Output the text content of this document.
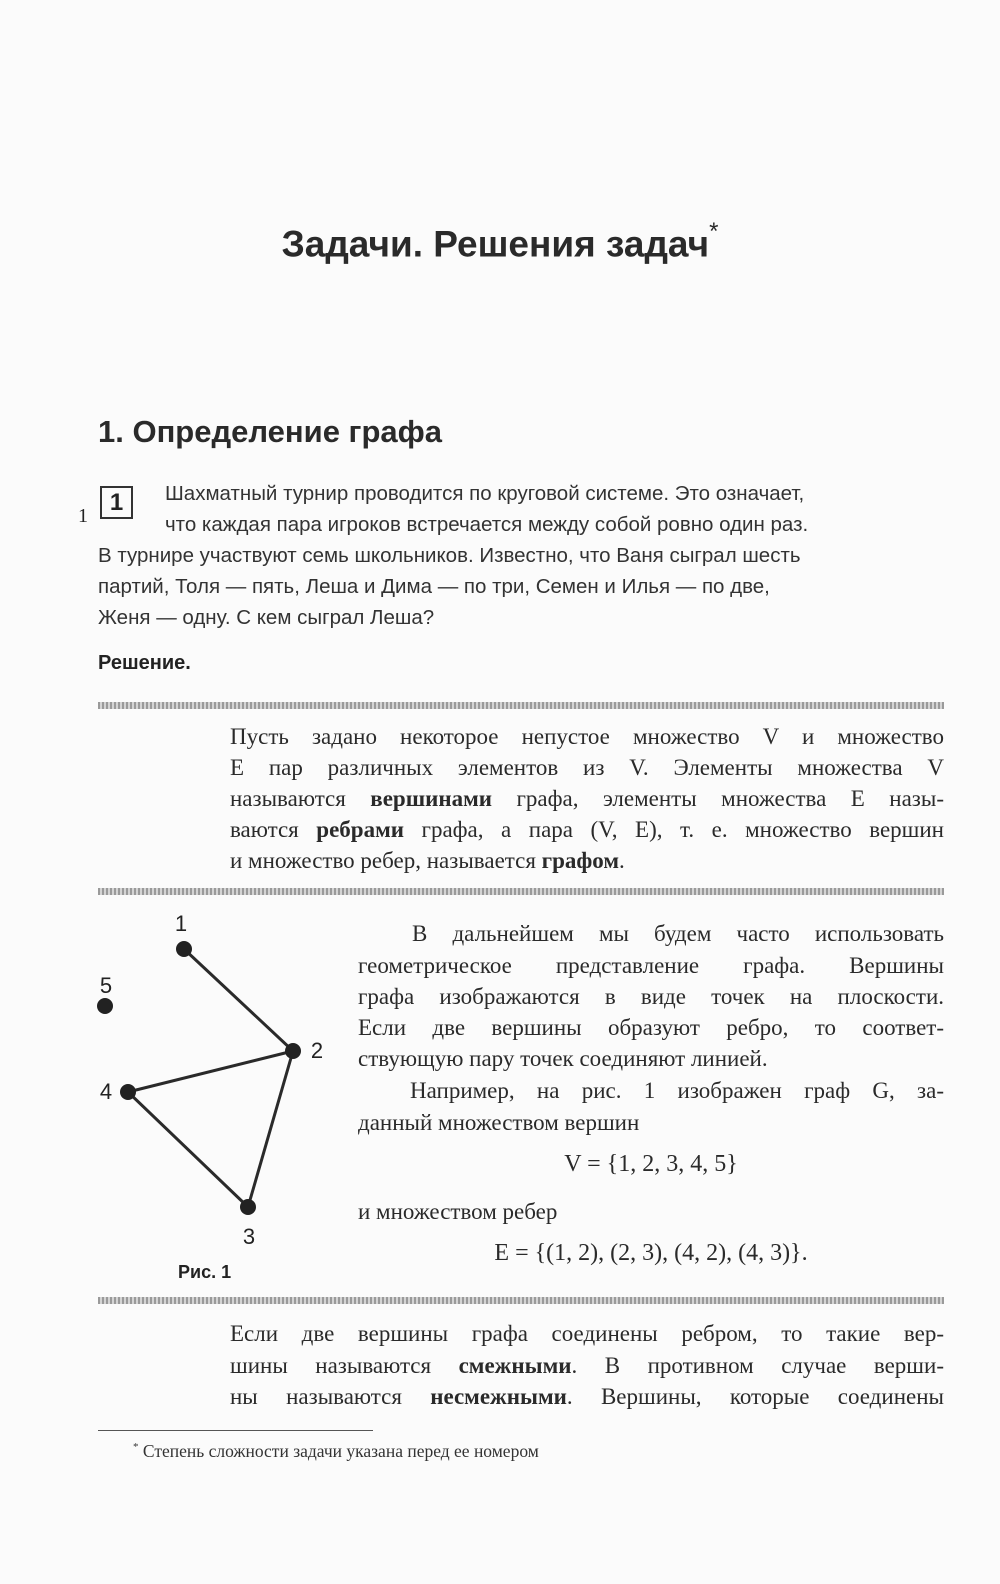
Задачи. Решения задач*
1. Определение графа
1 1	Шахматный турнир проводится по круговой системе. Это означает,
что каждая пара игроков встречается между собой ровно один раз.
В турнире участвуют семь школьников. Известно, что Ваня сыграл шесть
партий, Толя — пять, Леша и Дима — по три, Семен и Илья — по две,
Женя — одну. С кем сыграл Леша?
Решение.
Пусть задано некоторое непустое множество V и множество
E пар различных элементов из V. Элементы множества V
называются вершинами графа, элементы множества E назы-
ваются ребрами графа, а пара (V, E), т. е. множество вершин
и множество ребер, называется графом.
1
2
3
4
5
Рис. 1
В дальнейшем мы будем часто использовать
геометрическое представление графа. Вершины
графа изображаются в виде точек на плоскости.
Если две вершины образуют ребро, то соответ-
ствующую пару точек соединяют линией.
Например, на рис. 1 изображен граф G, за-
данный множеством вершин
V = {1, 2, 3, 4, 5}
и множеством ребер
E = {(1, 2), (2, 3), (4, 2), (4, 3)}.
Если две вершины графа соединены ребром, то такие вер-
шины называются смежными. В противном случае верши-
ны называются несмежными. Вершины, которые соединены
* Степень сложности задачи указана перед ее номером
